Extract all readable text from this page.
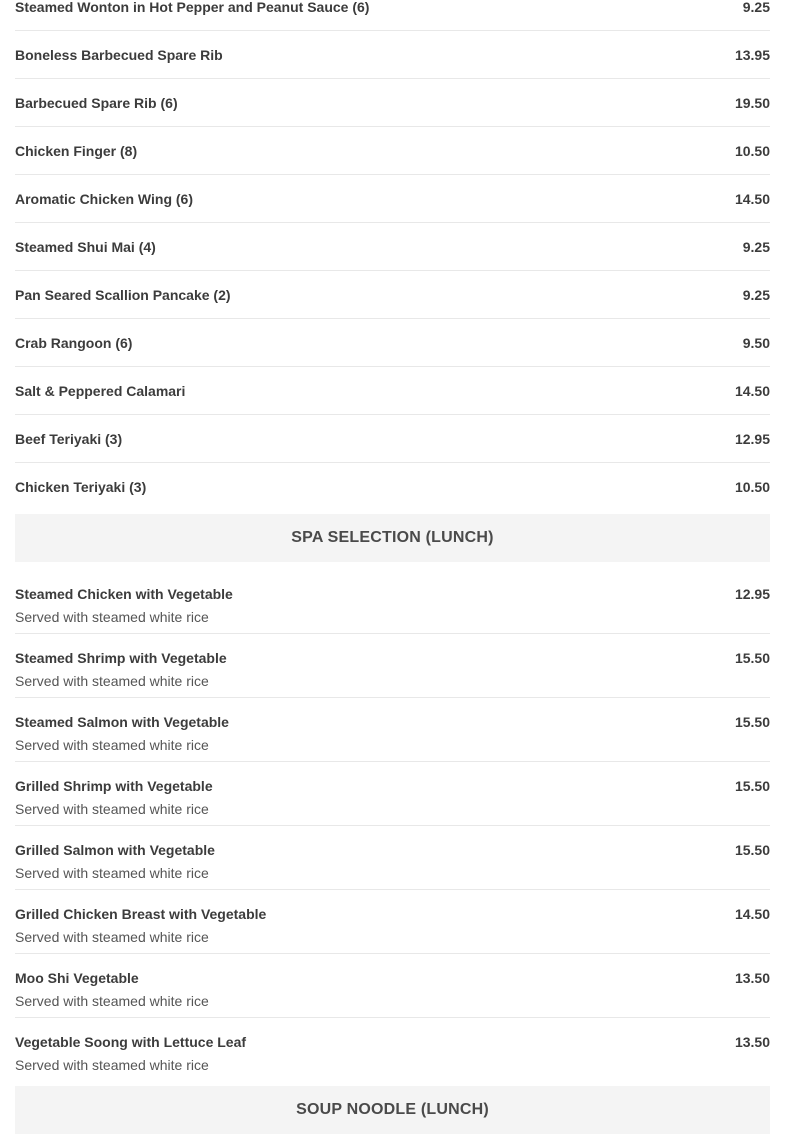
Steamed Wonton in Hot Pepper and Peanut Sauce (6)	9.25
Boneless Barbecued Spare Rib	13.95
Barbecued Spare Rib (6)	19.50
Chicken Finger (8)	10.50
Aromatic Chicken Wing (6)	14.50
Steamed Shui Mai (4)	9.25
Pan Seared Scallion Pancake (2)	9.25
Crab Rangoon (6)	9.50
Salt & Peppered Calamari	14.50
Beef Teriyaki (3)	12.95
Chicken Teriyaki (3)	10.50
SPA SELECTION (LUNCH)
Steamed Chicken with Vegetable	12.95
Served with steamed white rice
Steamed Shrimp with Vegetable	15.50
Served with steamed white rice
Steamed Salmon with Vegetable	15.50
Served with steamed white rice
Grilled Shrimp with Vegetable	15.50
Served with steamed white rice
Grilled Salmon with Vegetable	15.50
Served with steamed white rice
Grilled Chicken Breast with Vegetable	14.50
Served with steamed white rice
Moo Shi Vegetable	13.50
Served with steamed white rice
Vegetable Soong with Lettuce Leaf	13.50
Served with steamed white rice
SOUP NOODLE (LUNCH)
